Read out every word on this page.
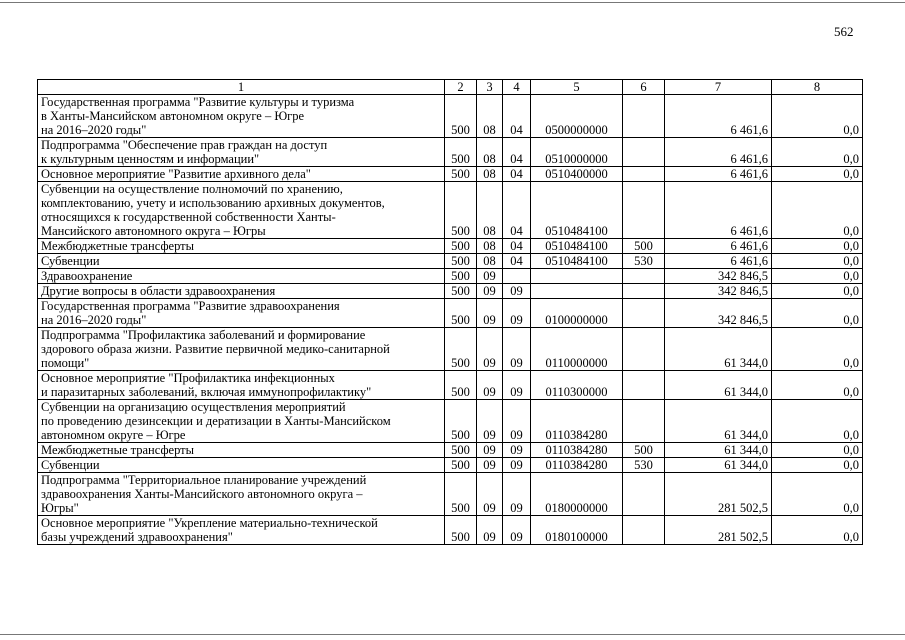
562
1	2	3	4	5	6	7	8
Государственная программа "Развитие культуры и туризма
в Ханты-Мансийском автономном округе – Югре
на 2016–2020 годы"	500	08	04	0500000000		6 461,6	0,0
Подпрограмма "Обеспечение прав граждан на доступ
к культурным ценностям и информации"	500	08	04	0510000000		6 461,6	0,0
Основное мероприятие "Развитие архивного дела"	500	08	04	0510400000		6 461,6	0,0
Субвенции на осуществление полномочий по хранению,
комплектованию, учету и использованию архивных документов,
относящихся к государственной собственности Ханты-
Мансийского автономного округа – Югры	500	08	04	0510484100		6 461,6	0,0
Межбюджетные трансферты	500	08	04	0510484100	500	6 461,6	0,0
Субвенции	500	08	04	0510484100	530	6 461,6	0,0
Здравоохранение	500	09				342 846,5	0,0
Другие вопросы в области здравоохранения	500	09	09			342 846,5	0,0
Государственная программа "Развитие здравоохранения
на 2016–2020 годы"	500	09	09	0100000000		342 846,5	0,0
Подпрограмма "Профилактика заболеваний и формирование
здорового образа жизни. Развитие первичной медико-санитарной
помощи"	500	09	09	0110000000		61 344,0	0,0
Основное мероприятие "Профилактика инфекционных
и паразитарных заболеваний, включая иммунопрофилактику"	500	09	09	0110300000		61 344,0	0,0
Субвенции на организацию осуществления мероприятий
по проведению дезинсекции и дератизации в Ханты-Мансийском
автономном округе – Югре	500	09	09	0110384280		61 344,0	0,0
Межбюджетные трансферты	500	09	09	0110384280	500	61 344,0	0,0
Субвенции	500	09	09	0110384280	530	61 344,0	0,0
Подпрограмма "Территориальное планирование учреждений
здравоохранения Ханты-Мансийского автономного округа –
Югры"	500	09	09	0180000000		281 502,5	0,0
Основное мероприятие "Укрепление материально-технической
базы учреждений здравоохранения"	500	09	09	0180100000		281 502,5	0,0
